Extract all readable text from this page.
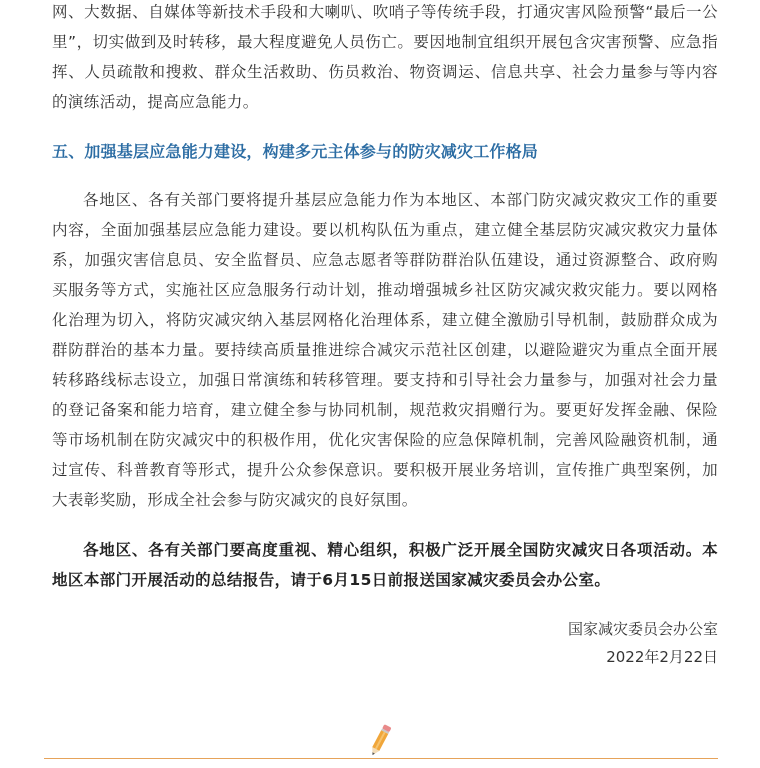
网、大数据、自媒体等新技术手段和大喇叭、吹哨子等传统手段，打通灾害风险预警“最后一公里”，切实做到及时转移，最大程度避免人员伤亡。要因地制宜组织开展包含灾害预警、应急指挥、人员疏散和搜救、群众生活救助、伤员救治、物资调运、信息共享、社会力量参与等内容的演练活动，提高应急能力。

五、加强基层应急能力建设，构建多元主体参与的防灾减灾工作格局

各地区、各有关部门要将提升基层应急能力作为本地区、本部门防灾减灾救灾工作的重要内容，全面加强基层应急能力建设。要以机构队伍为重点，建立健全基层防灾减灾救灾力量体系，加强灾害信息员、安全监督员、应急志愿者等群防群治队伍建设，通过资源整合、政府购买服务等方式，实施社区应急服务行动计划，推动增强城乡社区防灾减灾救灾能力。要以网格化治理为切入，将防灾减灾纳入基层网格化治理体系，建立健全激励引导机制，鼓励群众成为群防群治的基本力量。要持续高质量推进综合减灾示范社区创建，以避险避灾为重点全面开展转移路线标志设立，加强日常演练和转移管理。要支持和引导社会力量参与，加强对社会力量的登记备案和能力培育，建立健全参与协同机制，规范救灾捐赠行为。要更好发挥金融、保险等市场机制在防灾减灾中的积极作用，优化灾害保险的应急保障机制，完善风险融资机制，通过宣传、科普教育等形式，提升公众参保意识。要积极开展业务培训，宣传推广典型案例，加大表彰奖励，形成全社会参与防灾减灾的良好氛围。

各地区、各有关部门要高度重视、精心组织，积极广泛开展全国防灾减灾日各项活动。本地区本部门开展活动的总结报告，请于6月15日前报送国家减灾委员会办公室。

国家减灾委员会办公室
2022年2月22日
